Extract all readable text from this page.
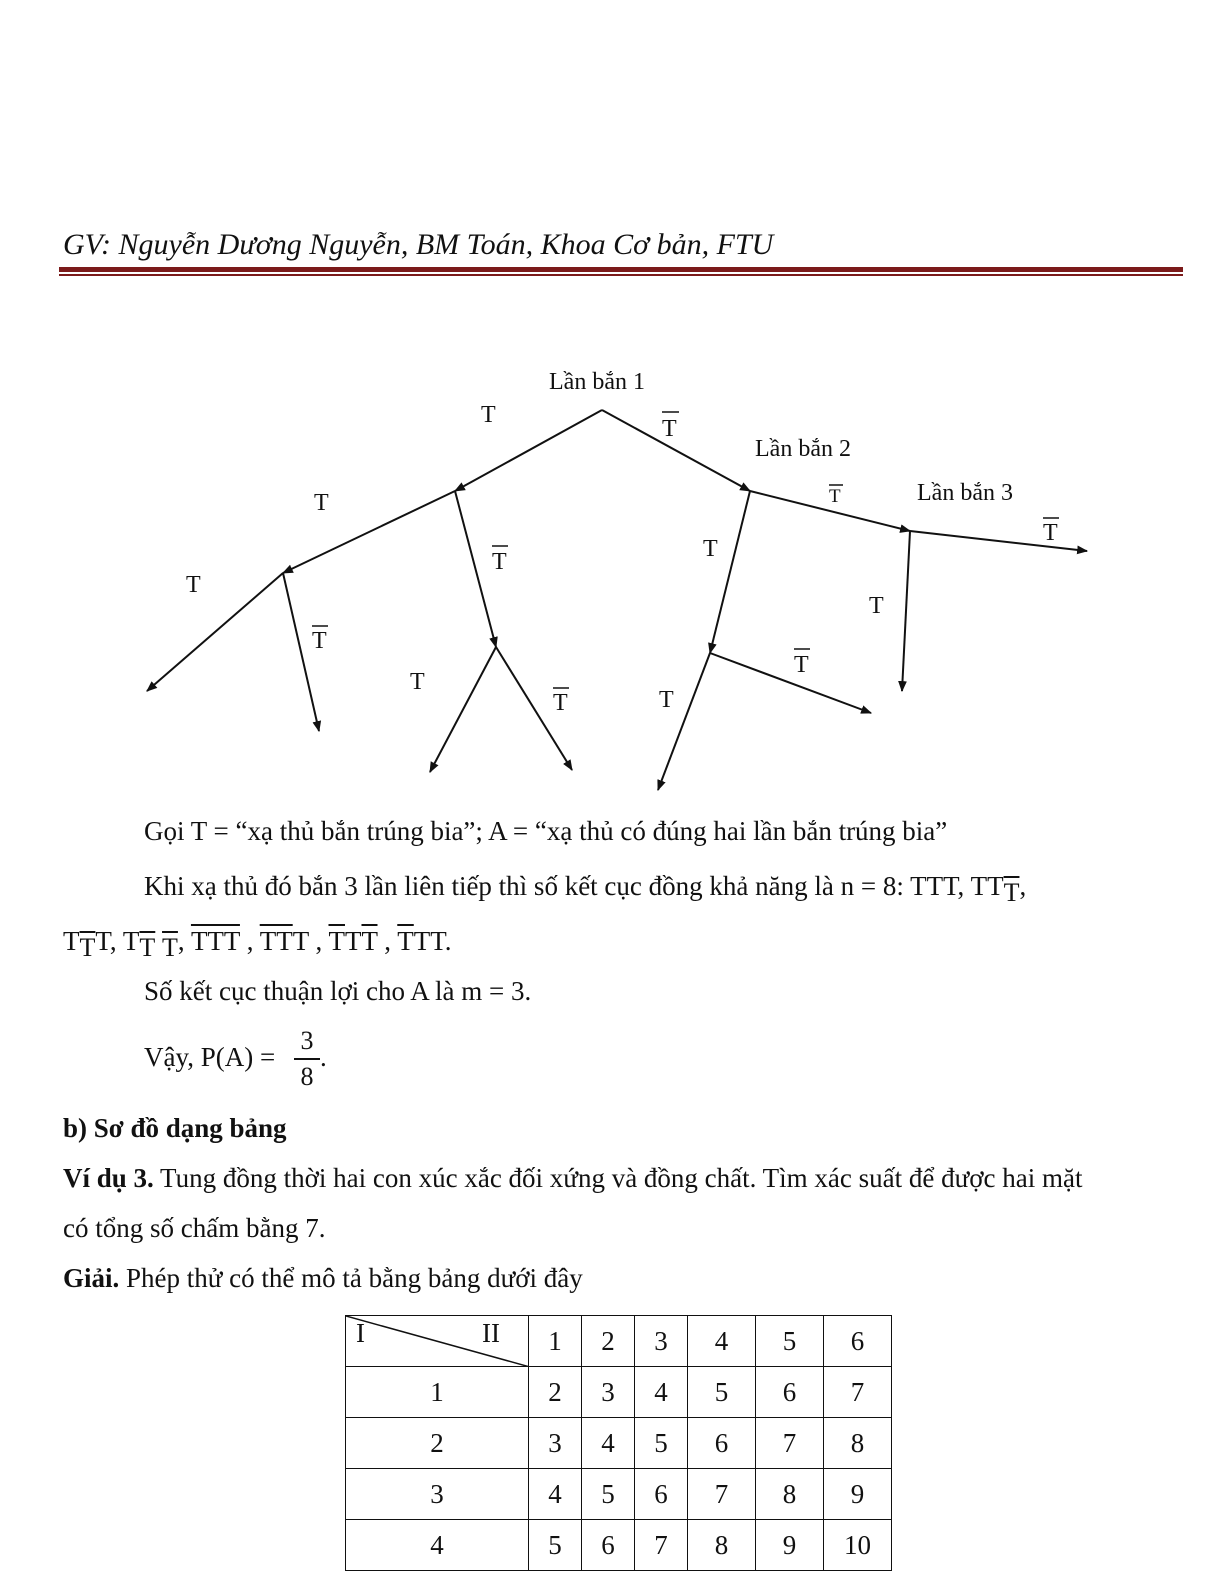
GV: Nguyễn Dương Nguyễn, BM Toán, Khoa Cơ bản, FTU
Lần bắn 1
Lần bắn 2
Lần bắn 3
T
T
T
T
T
T
T
T
T
T
T
T
T
T
Gọi T = “xạ thủ bắn trúng bia”; A = “xạ thủ có đúng hai lần bắn trúng bia”
Khi xạ thủ đó bắn 3 lần liên tiếp thì số kết cục đồng khả năng là n = 8: TTT, $TT\overline{T}$,
$T\overline{T}T$, $T\overline{T}$ $\overline{T}$, $\overline{TTT}$ , $\overline{TT}T$ , $\overline{T}T\overline{T}$ , $\overline{T}TT$.
Số kết cục thuận lợi cho A là m = 3.
Vậy, P(A) =
3
8
.
b) Sơ đồ dạng bảng
Ví dụ 3. Tung đồng thời hai con xúc xắc đối xứng và đồng chất. Tìm xác suất để được hai mặt
có tổng số chấm bằng 7.
Giải. Phép thử có thể mô tả bằng bảng dưới đây
I II	1	2	3	4	5	6
1	2	3	4	5	6	7
2	3	4	5	6	7	8
3	4	5	6	7	8	9
4	5	6	7	8	9	10
